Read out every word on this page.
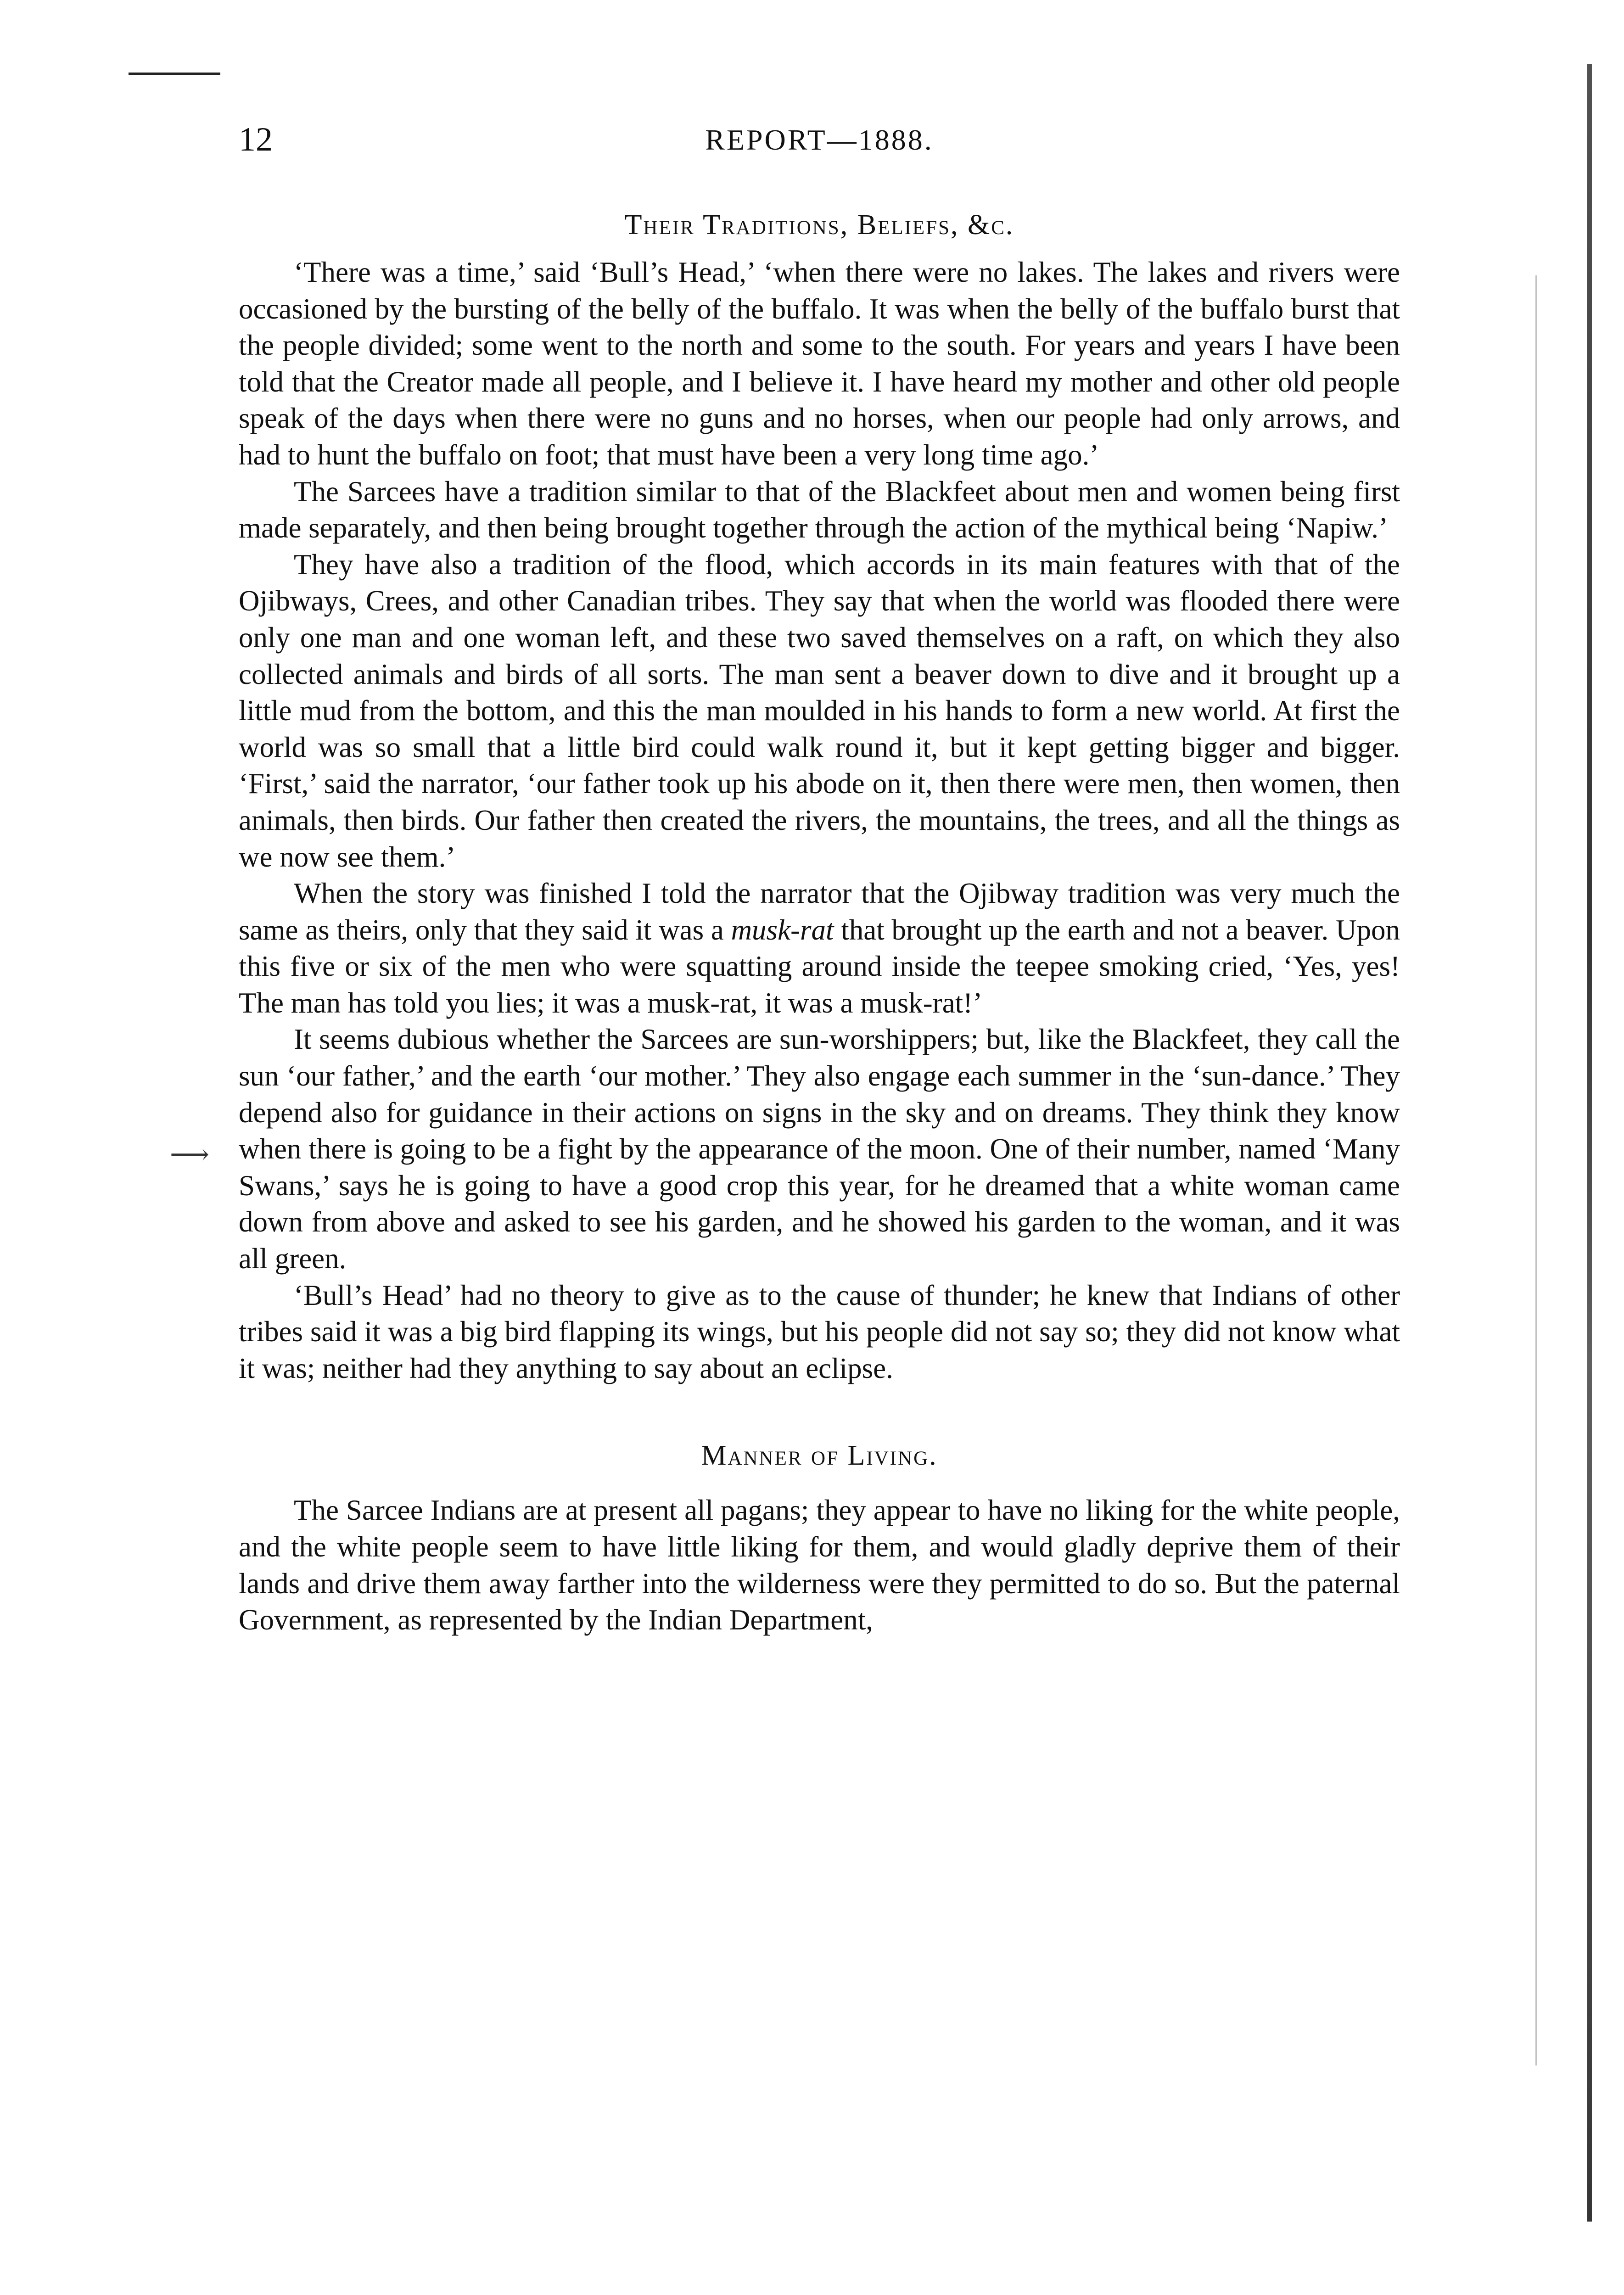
12	REPORT—1888.
⟶
Their Traditions, Beliefs, &c.

‘There was a time,’ said ‘Bull’s Head,’ ‘when there were no lakes. The lakes and rivers were occasioned by the bursting of the belly of the buffalo. It was when the belly of the buffalo burst that the people divided; some went to the north and some to the south. For years and years I have been told that the Creator made all people, and I believe it. I have heard my mother and other old people speak of the days when there were no guns and no horses, when our people had only arrows, and had to hunt the buffalo on foot; that must have been a very long time ago.’

The Sarcees have a tradition similar to that of the Blackfeet about men and women being first made separately, and then being brought together through the action of the mythical being ‘Napiw.’

They have also a tradition of the flood, which accords in its main features with that of the Ojibways, Crees, and other Canadian tribes. They say that when the world was flooded there were only one man and one woman left, and these two saved themselves on a raft, on which they also collected animals and birds of all sorts. The man sent a beaver down to dive and it brought up a little mud from the bottom, and this the man moulded in his hands to form a new world. At first the world was so small that a little bird could walk round it, but it kept getting bigger and bigger. ‘First,’ said the narrator, ‘our father took up his abode on it, then there were men, then women, then animals, then birds. Our father then created the rivers, the mountains, the trees, and all the things as we now see them.’

When the story was finished I told the narrator that the Ojibway tradition was very much the same as theirs, only that they said it was a musk-rat that brought up the earth and not a beaver. Upon this five or six of the men who were squatting around inside the teepee smoking cried, ‘Yes, yes! The man has told you lies; it was a musk-rat, it was a musk-rat!’

It seems dubious whether the Sarcees are sun-worshippers; but, like the Blackfeet, they call the sun ‘our father,’ and the earth ‘our mother.’ They also engage each summer in the ‘sun-dance.’ They depend also for guidance in their actions on signs in the sky and on dreams. They think they know when there is going to be a fight by the appearance of the moon. One of their number, named ‘Many Swans,’ says he is going to have a good crop this year, for he dreamed that a white woman came down from above and asked to see his garden, and he showed his garden to the woman, and it was all green.

‘Bull’s Head’ had no theory to give as to the cause of thunder; he knew that Indians of other tribes said it was a big bird flapping its wings, but his people did not say so; they did not know what it was; neither had they anything to say about an eclipse.

Manner of Living.

The Sarcee Indians are at present all pagans; they appear to have no liking for the white people, and the white people seem to have little liking for them, and would gladly deprive them of their lands and drive them away farther into the wilderness were they permitted to do so. But the paternal Government, as represented by the Indian Department,
